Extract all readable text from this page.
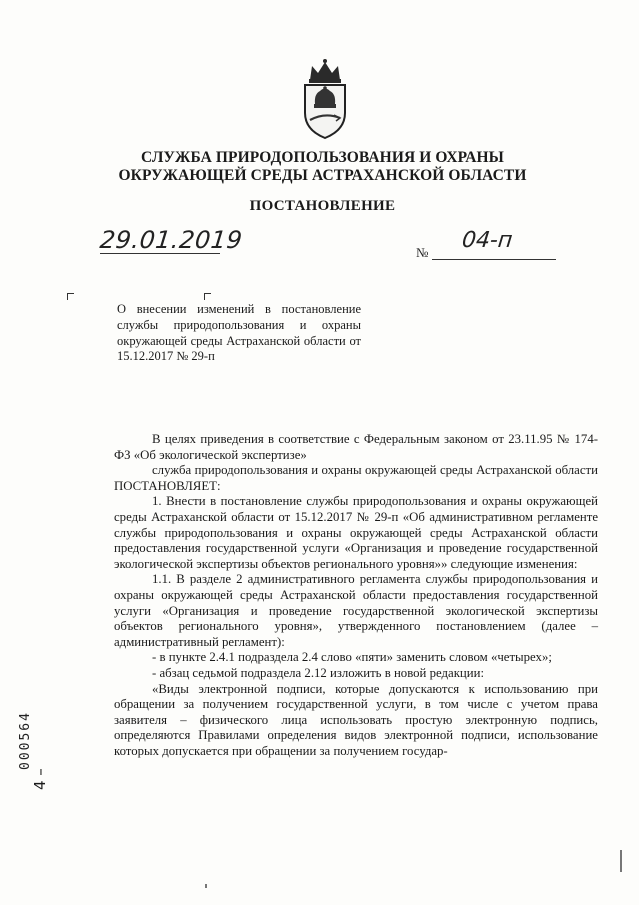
СЛУЖБА ПРИРОДОПОЛЬЗОВАНИЯ И ОХРАНЫ
ОКРУЖАЮЩЕЙ СРЕДЫ АСТРАХАНСКОЙ ОБЛАСТИ
ПОСТАНОВЛЕНИЕ
29.01.2019	№ 04-п
О внесении изменений в постановление службы природопользования и охраны окружающей среды Астраханской области от 15.12.2017 № 29-п

В целях приведения в соответствие с Федеральным законом от 23.11.95 № 174-ФЗ «Об экологической экспертизе»

служба природопользования и охраны окружающей среды Астраханской области ПОСТАНОВЛЯЕТ:

1. Внести в постановление службы природопользования и охраны окружающей среды Астраханской области от 15.12.2017 № 29-п «Об административном регламенте службы природопользования и охраны окружающей среды Астраханской области предоставления государственной услуги «Организация и проведение государственной экологической экспертизы объектов регионального уровня»» следующие изменения:

1.1. В разделе 2 административного регламента службы природопользования и охраны окружающей среды Астраханской области предоставления государственной услуги «Организация и проведение государственной экологической экспертизы объектов регионального уровня», утвержденного постановлением (далее – административный регламент):

- в пункте 2.4.1 подраздела 2.4 слово «пяти» заменить словом «четырех»;

- абзац седьмой подраздела 2.12 изложить в новой редакции:

«Виды электронной подписи, которые допускаются к использованию при обращении за получением государственной услуги, в том числе с учетом права заявителя – физического лица использовать простую электронную подпись, определяются Правилами определения видов электронной подписи, использование которых допускается при обращении за получением государ-

000564
4 –
